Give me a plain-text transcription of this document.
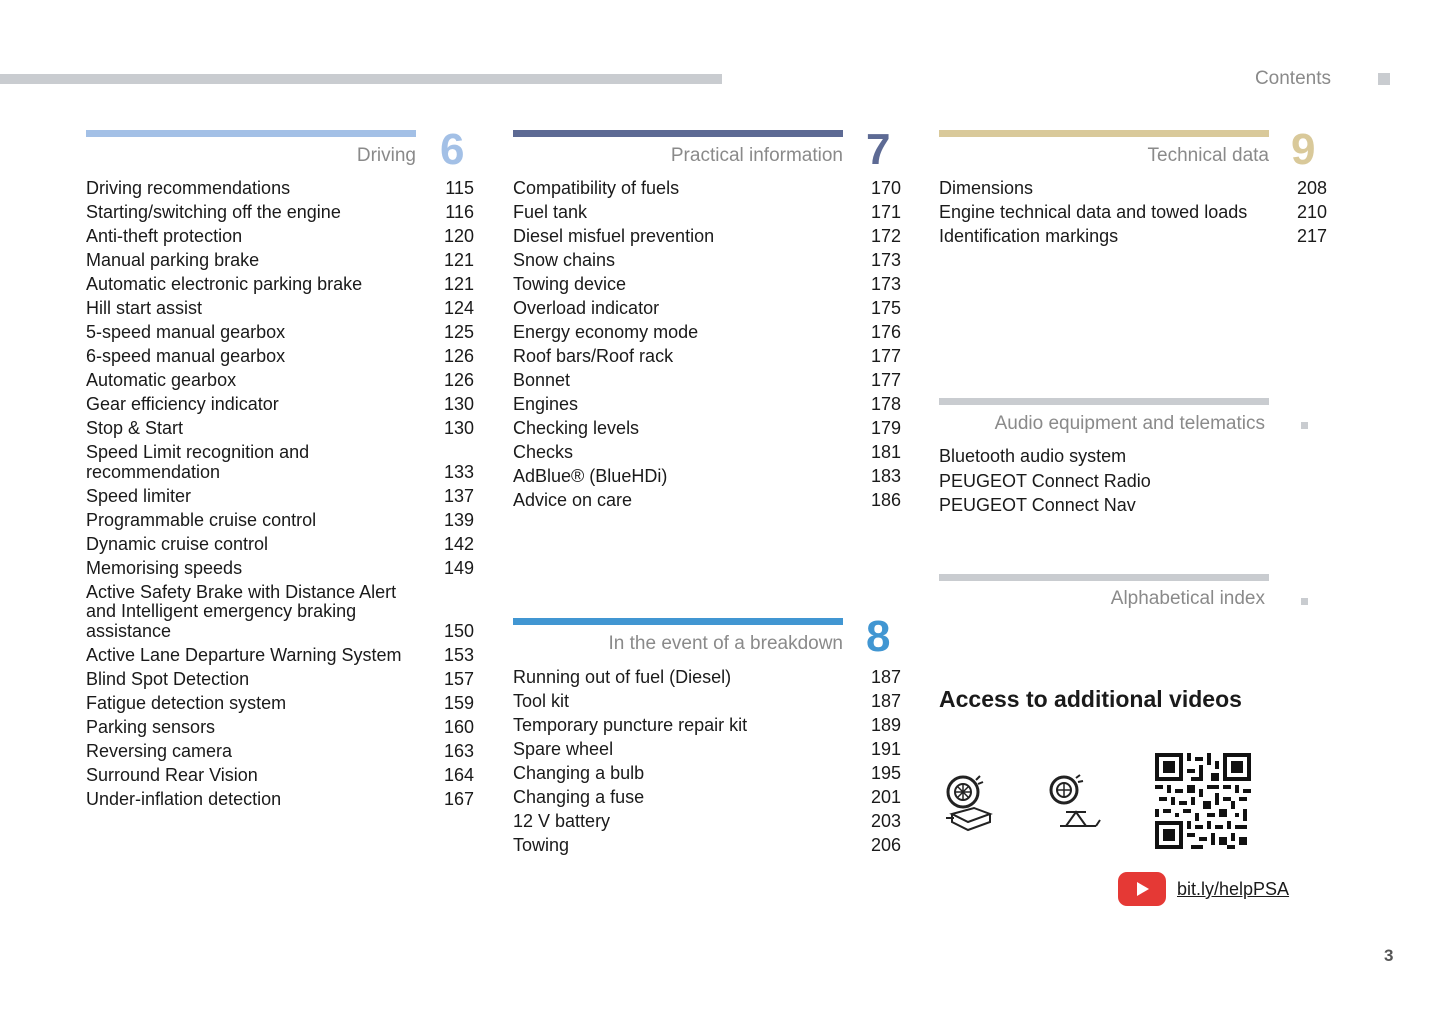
Contents
Driving 6
Driving recommendations	115
Starting/switching off the engine	116
Anti-theft protection	120
Manual parking brake	121
Automatic electronic parking brake	121
Hill start assist	124
5-speed manual gearbox	125
6-speed manual gearbox	126
Automatic gearbox	126
Gear efficiency indicator	130
Stop & Start	130
Speed Limit recognition and recommendation	133
Speed limiter	137
Programmable cruise control	139
Dynamic cruise control	142
Memorising speeds	149
Active Safety Brake with Distance Alert and Intelligent emergency braking assistance	150
Active Lane Departure Warning System	153
Blind Spot Detection	157
Fatigue detection system	159
Parking sensors	160
Reversing camera	163
Surround Rear Vision	164
Under-inflation detection	167
Practical information 7
Compatibility of fuels	170
Fuel tank	171
Diesel misfuel prevention	172
Snow chains	173
Towing device	173
Overload indicator	175
Energy economy mode	176
Roof bars/Roof rack	177
Bonnet	177
Engines	178
Checking levels	179
Checks	181
AdBlue® (BlueHDi)	183
Advice on care	186
In the event of a breakdown 8
Running out of fuel (Diesel)	187
Tool kit	187
Temporary puncture repair kit	189
Spare wheel	191
Changing a bulb	195
Changing a fuse	201
12 V battery	203
Towing	206
Technical data 9
Dimensions	208
Engine technical data and towed loads	210
Identification markings	217
Audio equipment and telematics
Bluetooth audio system
PEUGEOT Connect Radio
PEUGEOT Connect Nav
Alphabetical index
Access to additional videos
bit.ly/helpPSA
3
